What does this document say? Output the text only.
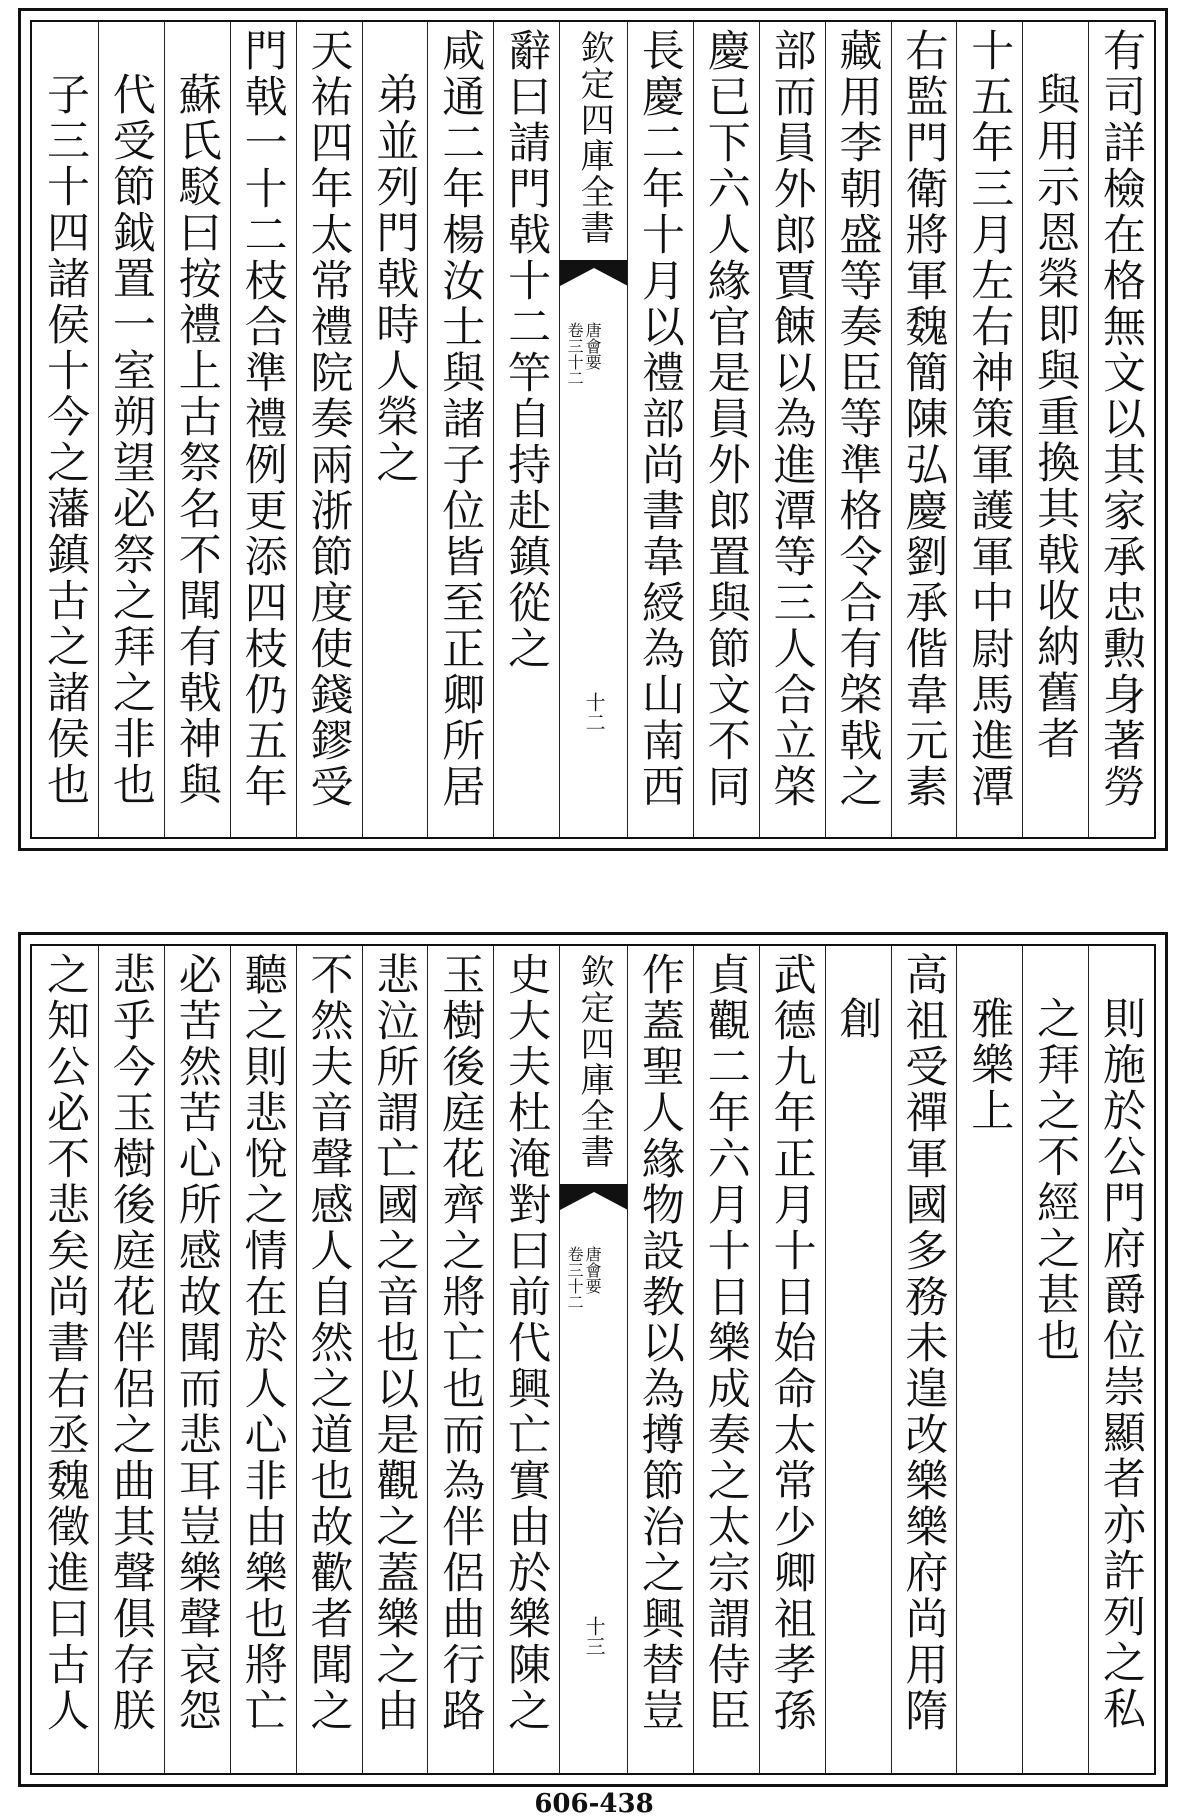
有司詳檢在格無文以其家承忠勲身著勞
與用示恩榮即與重換其戟收納舊者
十五年三月左右神策軍護軍中尉馬進潭
右監門衛將軍魏簡陳弘慶劉承偕韋元素
藏用李朝盛等奏臣等準格令合有棨戟之
部而員外郎賈餗以為進潭等三人合立棨
慶已下六人緣官是員外郎置與節文不同
長慶二年十月以禮部尚書韋綬為山南西
欽定四庫全書
唐會要
卷三十二
十二
辭曰請門戟十二竿自持赴鎮從之
咸通二年楊汝士與諸子位皆至正卿所居
弟並列門戟時人榮之
天祐四年太常禮院奏兩浙節度使錢鏐受
門戟一十二枝合準禮例更添四枝仍五年
蘇氏駁曰按禮上古祭名不聞有戟神與
代受節鉞置一室朔望必祭之拜之非也
子三十四諸侯十今之藩鎮古之諸侯也
則施於公門府爵位崇顯者亦許列之私
之拜之不經之甚也
雅樂上
高祖受禪軍國多務未遑改樂樂府尚用隋
創
武德九年正月十日始命太常少卿祖孝孫
貞觀二年六月十日樂成奏之太宗謂侍臣
作蓋聖人緣物設教以為撙節治之興替豈
欽定四庫全書
唐會要
卷三十二
十三
史大夫杜淹對曰前代興亡實由於樂陳之
玉樹後庭花齊之將亡也而為伴侶曲行路
悲泣所謂亡國之音也以是觀之蓋樂之由
不然夫音聲感人自然之道也故歡者聞之
聽之則悲悅之情在於人心非由樂也將亡
必苦然苦心所感故聞而悲耳豈樂聲哀怨
悲乎今玉樹後庭花伴侶之曲其聲俱存朕
之知公必不悲矣尚書右丞魏徵進曰古人
606-438
